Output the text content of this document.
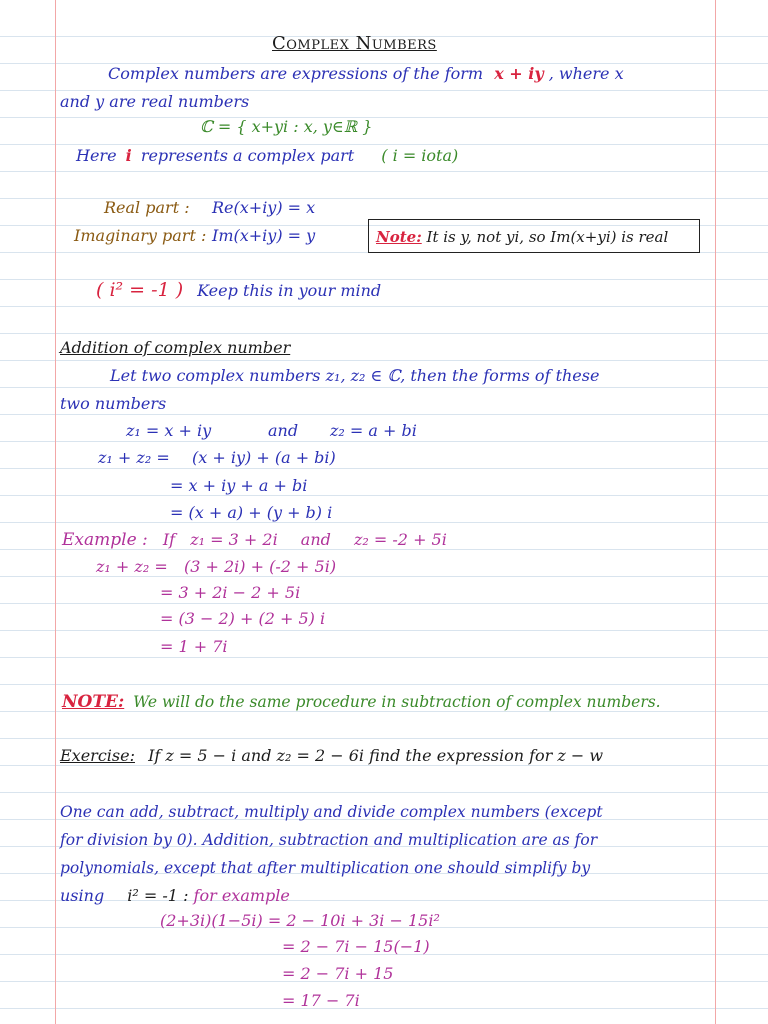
Complex Numbers
Complex numbers are expressions of the form x + iy , where x
and y are real numbers
ℂ = { x+yi : x, y∈ℝ }
Here i represents a complex part ( i = iota)
Real part : Re(x+iy) = x
Imaginary part : Im(x+iy) = y	Note: It is y, not yi, so Im(x+yi) is real
( i² = -1 ) Keep this in your mind
Addition of complex number
Let two complex numbers z₁, z₂ ∈ ℂ, then the forms of these
two numbers
z₁ = x + iy	and z₂ = a + bi
z₁ + z₂ = (x + iy) + (a + bi)
= x + iy + a + bi
= (x + a) + (y + b) i
Example : If z₁ = 3 + 2i and z₂ = -2 + 5i
z₁ + z₂ = (3 + 2i) + (-2 + 5i)
= 3 + 2i − 2 + 5i
= (3 − 2) + (2 + 5) i
= 1 + 7i
NOTE: We will do the same procedure in subtraction of complex numbers.
Exercise: If z = 5 − i and z₂ = 2 − 6i find the expression for z − w
One can add, subtract, multiply and divide complex numbers (except
for division by 0). Addition, subtraction and multiplication are as for
polynomials, except that after multiplication one should simplify by
using i² = -1 : for example
(2+3i)(1−5i) = 2 − 10i + 3i − 15i²
= 2 − 7i − 15(−1)
= 2 − 7i + 15
= 17 − 7i
